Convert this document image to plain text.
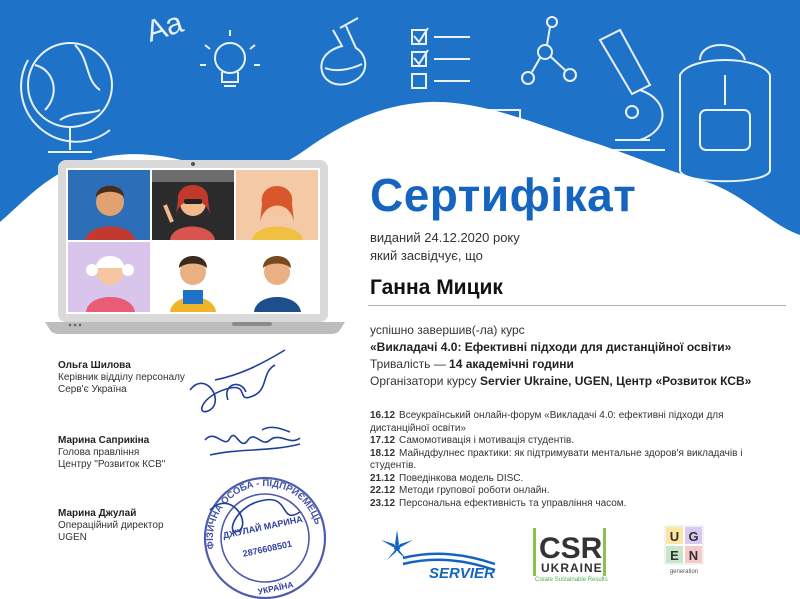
Aa
Сертифікат
виданий 24.12.2020 року
який засвідчує, що
Ганна Мицик
успішно завершив(-ла) курс
«Викладачі 4.0: Ефективні підходи для дистанційної освіти»
Тривалість — 14 академічні години
Організатори курсу Servier Ukraine, UGEN, Центр «Розвиток КСВ»

16.12 Всеукраїнський онлайн-форум «Викладачі 4.0: ефективні підходи для дистанційної освіти»

17.12 Самомотивація і мотивація студентів.

18.12 Майндфулнес практики: як підтримувати ментальне здоров'я викладачів і студентів.

21.12 Поведінкова модель DISC.

22.12 Методи групової роботи онлайн.

23.12 Персональна ефективність та управління часом.

Ольга Шилова
Керівник відділу персоналу
Серв'є Україна
Марина Саприкіна
Голова правління
Центру "Розвиток КСВ"
Марина Джулай
Операційний директор
UGEN
ФІЗИЧНА ОСОБА - ПІДПРИЄМЕЦЬ
ДЖУЛАЙ МАРИНА
2876608501
УКРАЇНА
SERVIER
CSR
UKRAINE
Create Sustainable Results
U G
E N
generation
